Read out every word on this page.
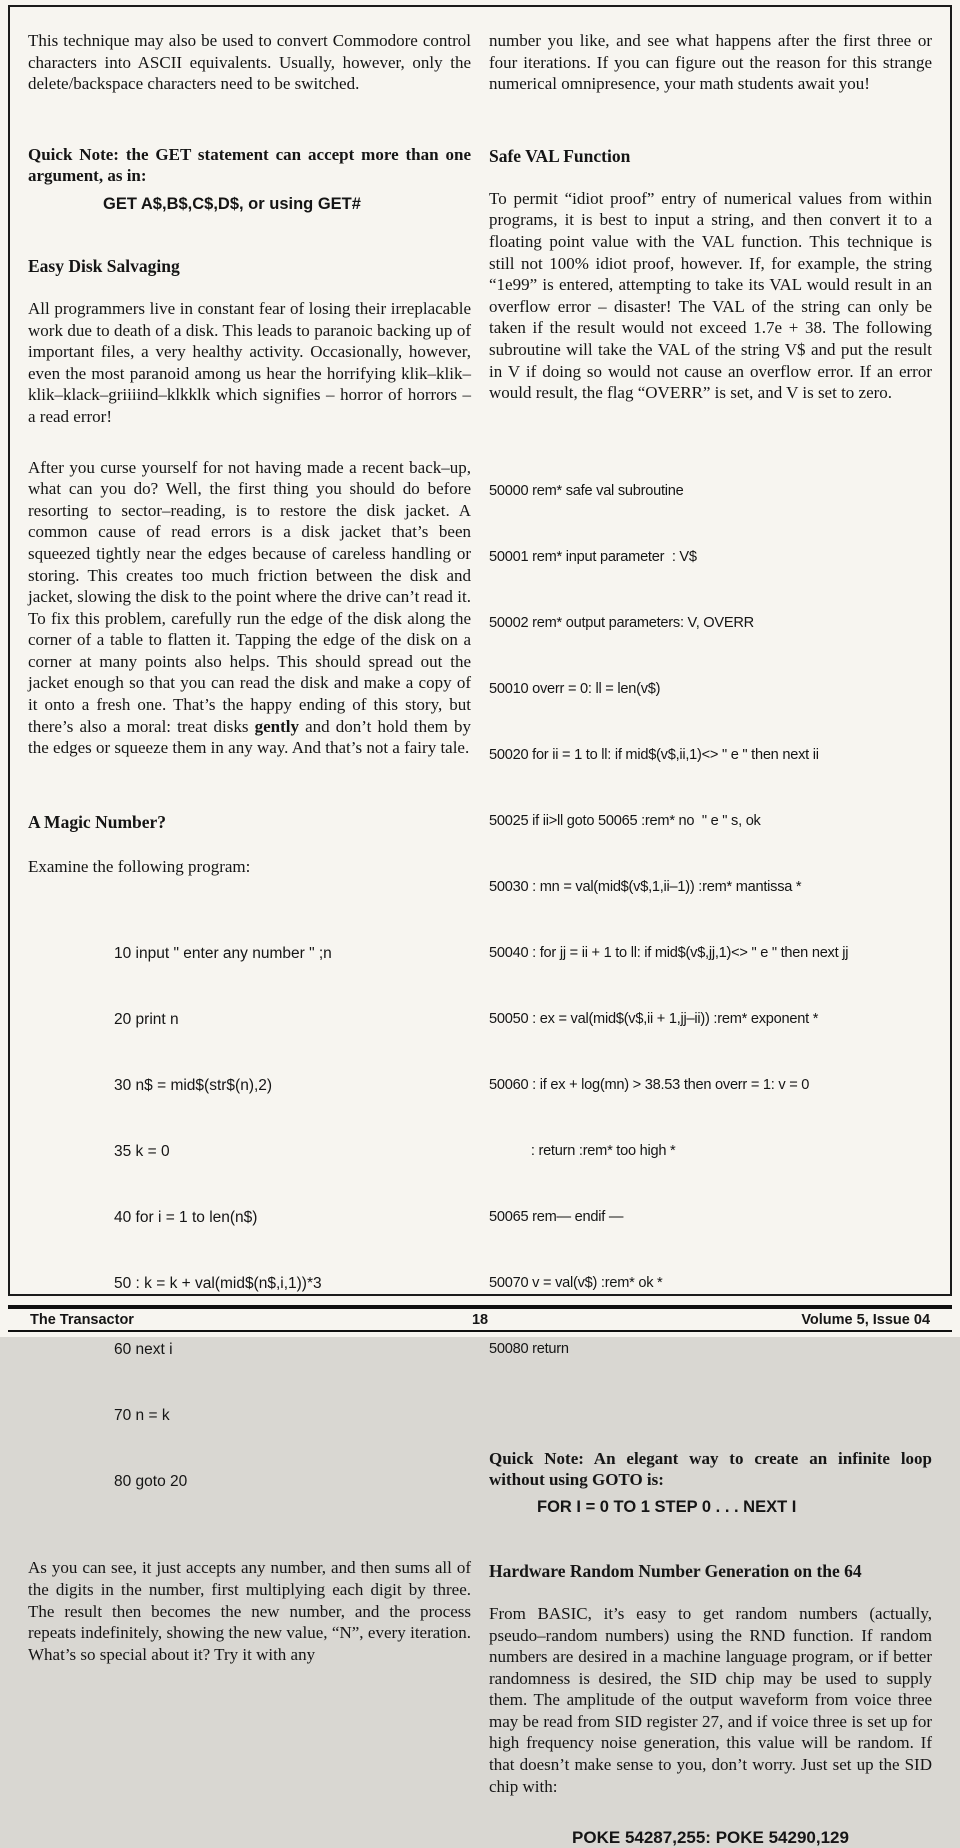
This technique may also be used to convert Commodore control characters into ASCII equivalents. Usually, however, only the delete/backspace characters need to be switched.

Quick Note: the GET statement can accept more than one argument, as in:

GET A$,B$,C$,D$, or using GET#

Easy Disk Salvaging

All programmers live in constant fear of losing their irreplacable work due to death of a disk. This leads to paranoic backing up of important files, a very healthy activity. Occasionally, however, even the most paranoid among us hear the horrifying klik–klik–klik–klack–griiiind–klkklk which signifies – horror of horrors – a read error!

After you curse yourself for not having made a recent back–up, what can you do? Well, the first thing you should do before resorting to sector–reading, is to restore the disk jacket. A common cause of read errors is a disk jacket that’s been squeezed tightly near the edges because of careless handling or storing. This creates too much friction between the disk and jacket, slowing the disk to the point where the drive can’t read it. To fix this problem, carefully run the edge of the disk along the corner of a table to flatten it. Tapping the edge of the disk on a corner at many points also helps. This should spread out the jacket enough so that you can read the disk and make a copy of it onto a fresh one. That’s the happy ending of this story, but there’s also a moral: treat disks gently and don’t hold them by the edges or squeeze them in any way. And that’s not a fairy tale.

A Magic Number?

Examine the following program:

10 input " enter any number " ;n

20 print n

30 n$ = mid$(str$(n),2)

35 k = 0

40 for i = 1 to len(n$)

50 : k = k + val(mid$(n$,i,1))*3

60 next i

70 n = k

80 goto 20

As you can see, it just accepts any number, and then sums all of the digits in the number, first multiplying each digit by three. The result then becomes the new number, and the process repeats indefinitely, showing the new value, “N”, every iteration. What’s so special about it? Try it with any

number you like, and see what happens after the first three or four iterations. If you can figure out the reason for this strange numerical omnipresence, your math students await you!

Safe VAL Function

To permit “idiot proof” entry of numerical values from within programs, it is best to input a string, and then convert it to a floating point value with the VAL function. This technique is still not 100% idiot proof, however. If, for example, the string “1e99” is entered, attempting to take its VAL would result in an overflow error – disaster! The VAL of the string can only be taken if the result would not exceed 1.7e + 38. The following subroutine will take the VAL of the string V$ and put the result in V if doing so would not cause an overflow error. If an error would result, the flag “OVERR” is set, and V is set to zero.

50000 rem* safe val subroutine

50001 rem* input parameter  : V$

50002 rem* output parameters: V, OVERR

50010 overr = 0: ll = len(v$)

50020 for ii = 1 to ll: if mid$(v$,ii,1)<> " e " then next ii

50025 if ii>ll goto 50065 :rem* no  " e " s, ok

50030 : mn = val(mid$(v$,1,ii–1)) :rem* mantissa *

50040 : for jj = ii + 1 to ll: if mid$(v$,jj,1)<> " e " then next jj

50050 : ex = val(mid$(v$,ii + 1,jj–ii)) :rem* exponent *

50060 : if ex + log(mn) > 38.53 then overr = 1: v = 0

: return :rem* too high *

50065 rem— endif —

50070 v = val(v$) :rem* ok *

50080 return

Quick Note: An elegant way to create an infinite loop without using GOTO is:

FOR I = 0 TO 1 STEP 0 . . . NEXT I

Hardware Random Number Generation on the 64

From BASIC, it’s easy to get random numbers (actually, pseudo–random numbers) using the RND function. If random numbers are desired in a machine language program, or if better randomness is desired, the SID chip may be used to supply them. The amplitude of the output waveform from voice three may be read from SID register 27, and if voice three is set up for high frequency noise generation, this value will be random. If that doesn’t make sense to you, don’t worry. Just set up the SID chip with:

POKE 54287,255: POKE 54290,129

The Transactor	18	Volume 5, Issue 04
